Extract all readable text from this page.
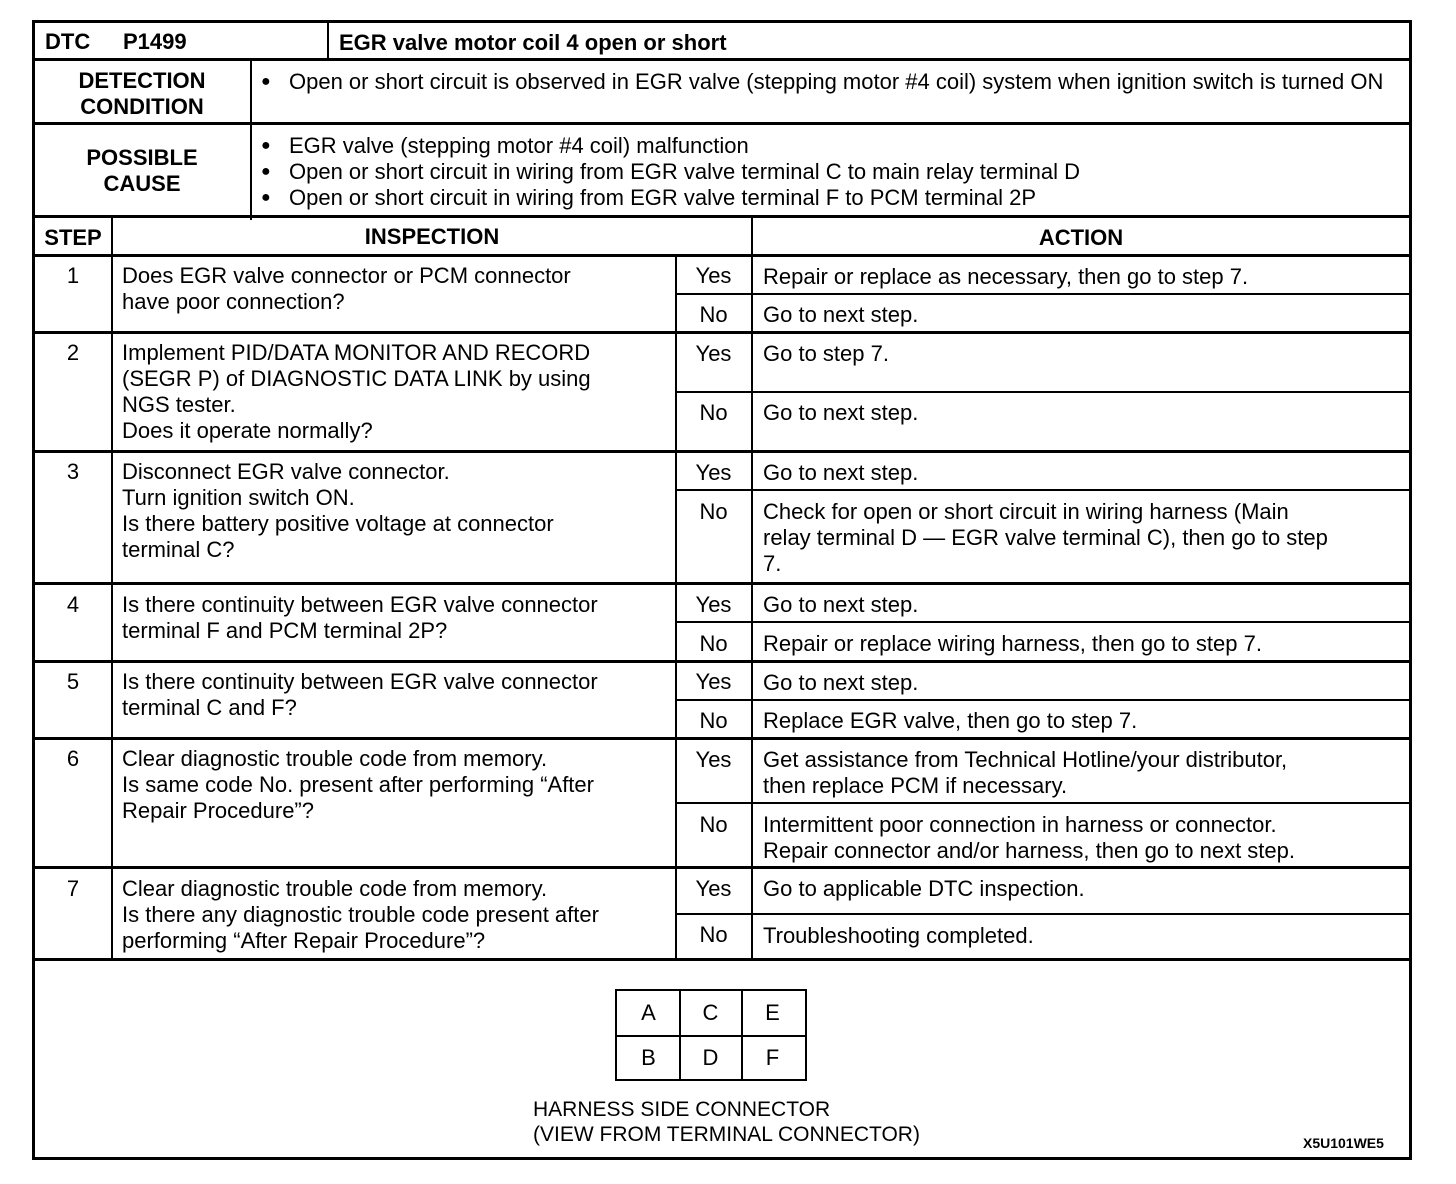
DTC	P1499	EGR valve motor coil 4 open or short
DETECTION
CONDITION
● Open or short circuit is observed in EGR valve (stepping motor #4 coil) system when ignition switch is turned ON
POSSIBLE
CAUSE
● EGR valve (stepping motor #4 coil) malfunction
● Open or short circuit in wiring from EGR valve terminal C to main relay terminal D
● Open or short circuit in wiring from EGR valve terminal F to PCM terminal 2P
STEP	INSPECTION	ACTION
1	Does EGR valve connector or PCM connector
have poor connection?
Yes	Repair or replace as necessary, then go to step 7.
No	Go to next step.
2	Implement PID/DATA MONITOR AND RECORD
(SEGR P) of DIAGNOSTIC DATA LINK by using
NGS tester.
Does it operate normally?
Yes	Go to step 7.
No	Go to next step.
3	Disconnect EGR valve connector.
Turn ignition switch ON.
Is there battery positive voltage at connector
terminal C?
Yes	Go to next step.
No	Check for open or short circuit in wiring harness (Main
relay terminal D — EGR valve terminal C), then go to step
7.
4	Is there continuity between EGR valve connector
terminal F and PCM terminal 2P?
Yes	Go to next step.
No	Repair or replace wiring harness, then go to step 7.
5	Is there continuity between EGR valve connector
terminal C and F?
Yes	Go to next step.
No	Replace EGR valve, then go to step 7.
6	Clear diagnostic trouble code from memory.
Is same code No. present after performing “After
Repair Procedure”?
Yes	Get assistance from Technical Hotline/your distributor,
then replace PCM if necessary.
No	Intermittent poor connection in harness or connector.
Repair connector and/or harness, then go to next step.
7	Clear diagnostic trouble code from memory.
Is there any diagnostic trouble code present after
performing “After Repair Procedure”?
Yes	Go to applicable DTC inspection.
No	Troubleshooting completed.
A	C	E
B	D	F
HARNESS SIDE CONNECTOR
(VIEW FROM TERMINAL CONNECTOR)	X5U101WE5
